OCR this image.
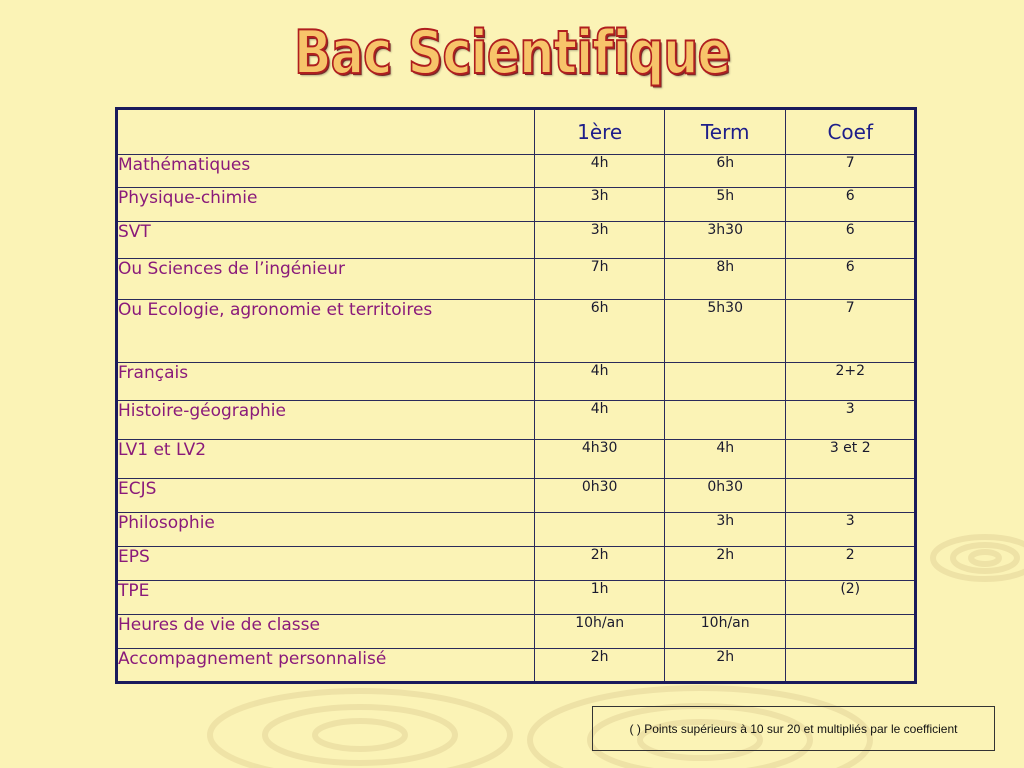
Bac Scientifique
	1ère	Term	Coef
Mathématiques	4h	6h	7
Physique-chimie	3h	5h	6
SVT	3h	3h30	6
Ou Sciences de l’ingénieur	7h	8h	6
Ou Ecologie, agronomie et territoires	6h	5h30	7
Français	4h		2+2
Histoire-géographie	4h		3
LV1 et LV2	4h30	4h	3 et 2
ECJS	0h30	0h30	
Philosophie		3h	3
EPS	2h	2h	2
TPE	1h		(2)
Heures de vie de classe	10h/an	10h/an	
Accompagnement personnalisé	2h	2h	
( ) Points supérieurs à 10 sur 20 et multipliés par le coefficient
